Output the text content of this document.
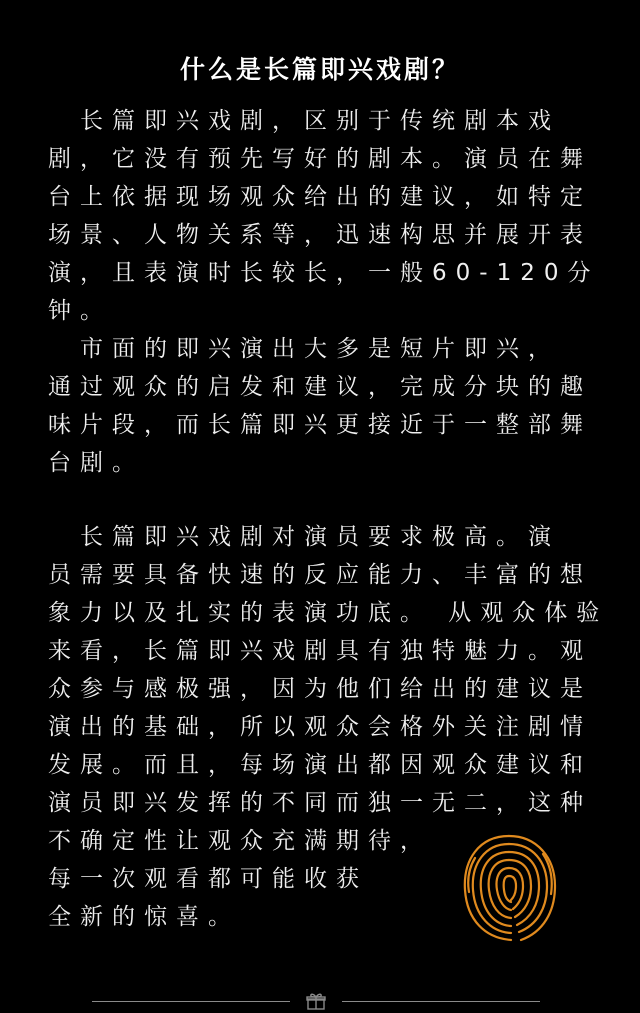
什么是长篇即兴戏剧？
　长篇即兴戏剧，区别于传统剧本戏
剧，它没有预先写好的剧本。演员在舞
台上依据现场观众给出的建议，如特定
场景、人物关系等，迅速构思并展开表
演，且表演时长较长，一般60-120分
钟。
　市面的即兴演出大多是短片即兴，
通过观众的启发和建议，完成分块的趣
味片段，而长篇即兴更接近于一整部舞
台剧。
　长篇即兴戏剧对演员要求极高。演
员需要具备快速的反应能力、丰富的想
象力以及扎实的表演功底。 从观众体验
来看，长篇即兴戏剧具有独特魅力。观
众参与感极强，因为他们给出的建议是
演出的基础，所以观众会格外关注剧情
发展。而且，每场演出都因观众建议和
演员即兴发挥的不同而独一无二，这种
不确定性让观众充满期待，
每一次观看都可能收获
全新的惊喜。
